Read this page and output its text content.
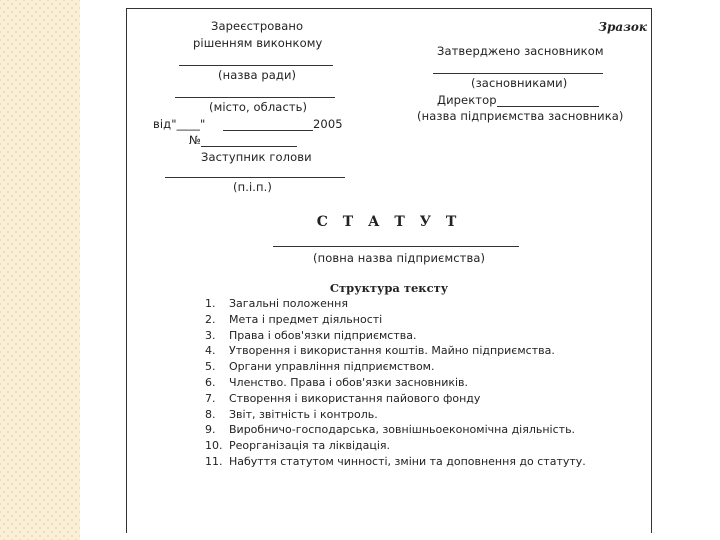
Зареєстровано
рішенням виконкому
(назва ради)
(місто, область)
від"____"	2005
№
Заступник голови
(п.і.п.)
Зразок
Затверджено засновником
(засновниками)
Директор
(назва підприємства засновника)
С Т А Т У Т
(повна назва підприємства)
Структура тексту
1. Загальні положення
2. Мета і предмет діяльності
3. Права і обов'язки підприємства.
4. Утворення і використання коштів. Майно підприємства.
5. Органи управління підприємством.
6. Членство. Права і обов'язки засновників.
7. Створення і використання пайового фонду
8. Звіт, звітність і контроль.
9. Виробничо-господарська, зовнішньоекономічна діяльність.
10. Реорганізація та ліквідація.
11. Набуття статутом чинності, зміни та доповнення до статуту.
